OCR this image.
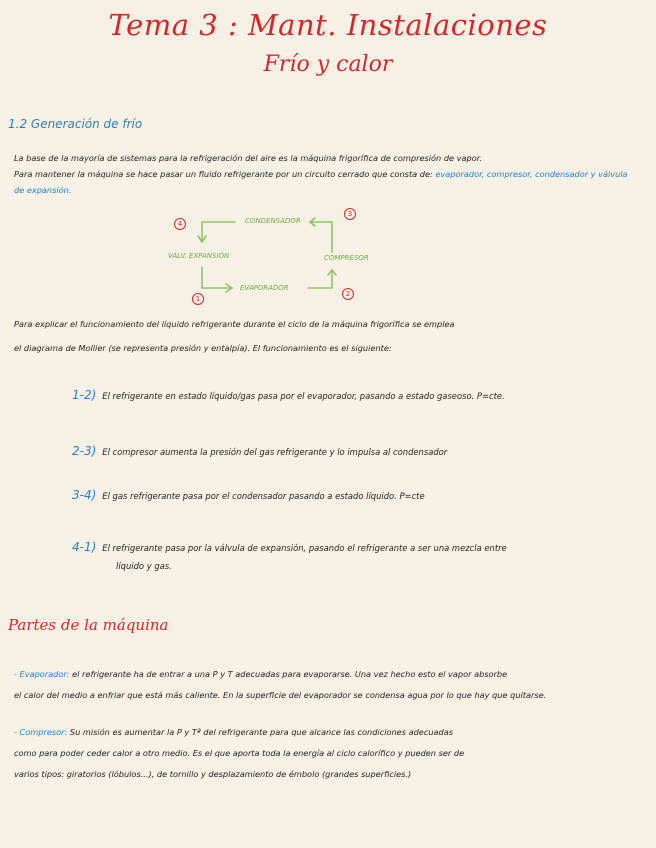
Tema 3 : Mant. Instalaciones
Frío y calor
1.2 Generación de frío
La base de la mayoría de sistemas para la refrigeración del aire es la máquina frigorífica de compresión de vapor.
Para mantener la máquina se hace pasar un fluido refrigerante por un circuito cerrado que consta de: evaporador, compresor, condensador y válvula de expansión.
CONDENSADOR
VÁLV. EXPANSIÓN	COMPRESOR
EVAPORADOR
4
3
1
2
Para explicar el funcionamiento del líquido refrigerante durante el ciclo de la máquina frigorífica se emplea
el diagrama de Mollier (se representa presión y entalpía). El funcionamiento es el siguiente:
1-2) El refrigerante en estado líquido/gas pasa por el evaporador, pasando a estado gaseoso. P=cte.
2-3) El compresor aumenta la presión del gas refrigerante y lo impulsa al condensador
3-4) El gas refrigerante pasa por el condensador pasando a estado líquido. P=cte
4-1) El refrigerante pasa por la válvula de expansión, pasando el refrigerante a ser una mezcla entre
líquido y gas.
Partes de la máquina
- Evaporador: el refrigerante ha de entrar a una P y T adecuadas para evaporarse. Una vez hecho esto el vapor absorbe
el calor del medio a enfriar que está más caliente. En la superficie del evaporador se condensa agua por lo que hay que quitarse.
- Compresor: Su misión es aumentar la P y Tª del refrigerante para que alcance las condiciones adecuadas
como para poder ceder calor a otro medio. Es el que aporta toda la energía al ciclo calorífico y pueden ser de
varios tipos: giratorios (lóbulos...), de tornillo y desplazamiento de émbolo (grandes superficies.)
